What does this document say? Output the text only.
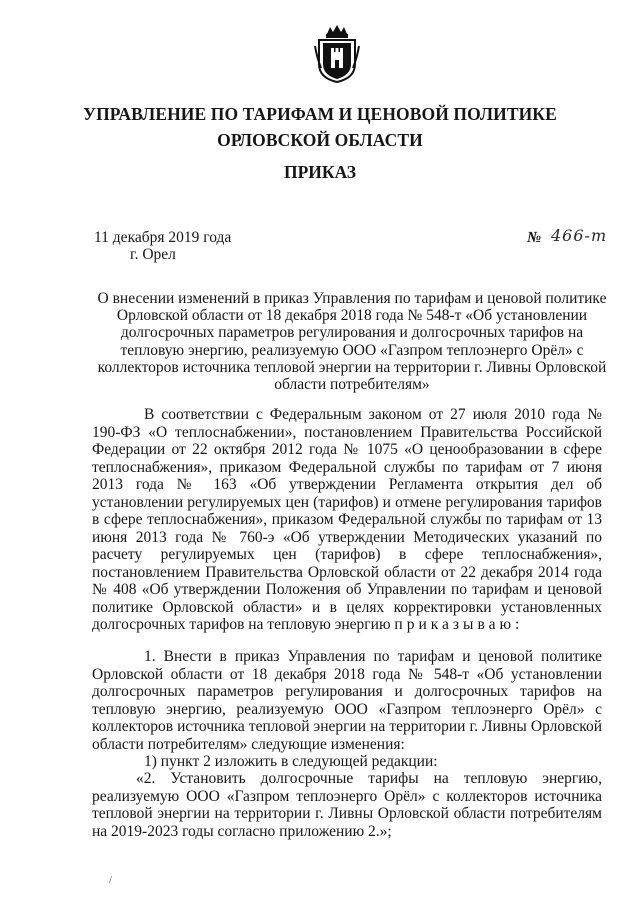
УПРАВЛЕНИЕ ПО ТАРИФАМ И ЦЕНОВОЙ ПОЛИТИКЕ
ОРЛОВСКОЙ ОБЛАСТИ
ПРИКАЗ
11 декабря 2019 года
г. Орел
№ 466-т
О внесении изменений в приказ Управления по тарифам и ценовой политике Орловской области от 18 декабря 2018 года № 548-т «Об установлении долгосрочных параметров регулирования и долгосрочных тарифов на тепловую энергию, реализуемую ООО «Газпром теплоэнерго Орёл» с коллекторов источника тепловой энергии на территории г. Ливны Орловской области потребителям»
В соответствии с Федеральным законом от 27 июля 2010 года № 190-ФЗ «О теплоснабжении», постановлением Правительства Российской Федерации от 22 октября 2012 года № 1075 «О ценообразовании в сфере теплоснабжения», приказом Федеральной службы по тарифам от 7 июня 2013 года № 163 «Об утверждении Регламента открытия дел об установлении регулируемых цен (тарифов) и отмене регулирования тарифов в сфере теплоснабжения», приказом Федеральной службы по тарифам от 13 июня 2013 года № 760-э «Об утверждении Методических указаний по расчету регулируемых цен (тарифов) в сфере теплоснабжения», постановлением Правительства Орловской области от 22 декабря 2014 года № 408 «Об утверждении Положения об Управлении по тарифам и ценовой политике Орловской области» и в целях корректировки установленных долгосрочных тарифов на тепловую энергию приказываю:
1. Внести в приказ Управления по тарифам и ценовой политике Орловской области от 18 декабря 2018 года № 548-т «Об установлении долгосрочных параметров регулирования и долгосрочных тарифов на тепловую энергию, реализуемую ООО «Газпром теплоэнерго Орёл» с коллекторов источника тепловой энергии на территории г. Ливны Орловской области потребителям» следующие изменения:
1) пункт 2 изложить в следующей редакции:
«2. Установить долгосрочные тарифы на тепловую энергию, реализуемую ООО «Газпром теплоэнерго Орёл» с коллекторов источника тепловой энергии на территории г. Ливны Орловской области потребителям на 2019-2023 годы согласно приложению 2.»;
/
